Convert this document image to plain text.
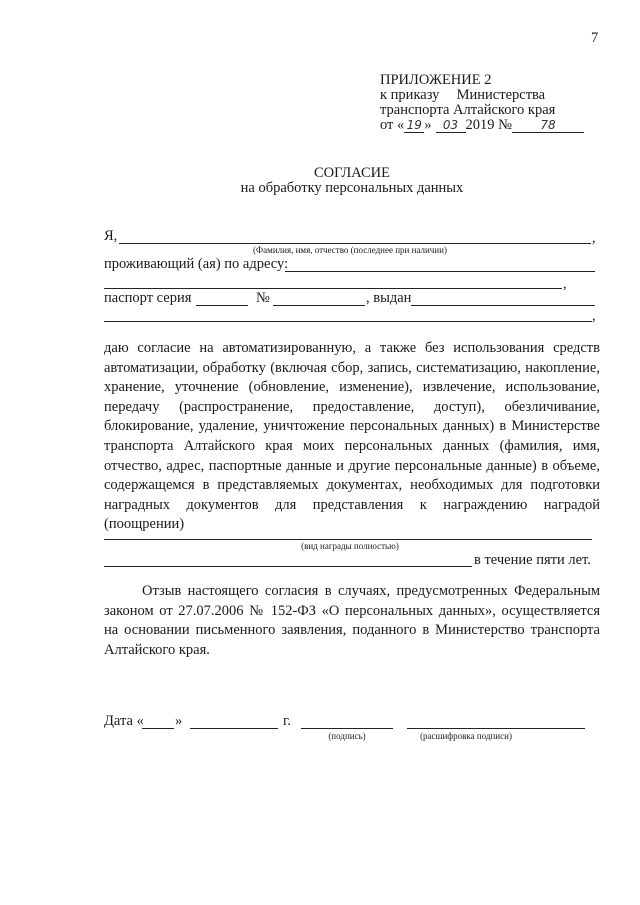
7
ПРИЛОЖЕНИЕ 2
к приказу Министерства
транспорта Алтайского края
от « 19 » 03 2019 № 78
СОГЛАСИЕ
на обработку персональных данных
Я,	,
(Фамилия, имя, отчество (последнее при наличии)
проживающий (ая) по адресу:
,
паспорт серия	№	, выдан
,
даю согласие на автоматизированную, а также без использования средств
автоматизации, обработку (включая сбор, запись, систематизацию, накопление,
хранение, уточнение (обновление, изменение), извлечение, использование,
передачу (распространение, предоставление, доступ), обезличивание,
блокирование, удаление, уничтожение персональных данных) в Министерстве
транспорта Алтайского края моих персональных данных (фамилия, имя,
отчество, адрес, паспортные данные и другие персональные данные) в объеме,
содержащемся в представляемых документах, необходимых для подготовки
наградных документов для представления к награждению наградой
(поощрении)
(вид награды полностью)
в течение пяти лет.
Отзыв настоящего согласия в случаях, предусмотренных Федеральным
законом от 27.07.2006 № 152-ФЗ «О персональных данных», осуществляется
на основании письменного заявления, поданного в Министерство транспорта
Алтайского края.
Дата « »	г.
(подпись)	(расшифровка подписи)
